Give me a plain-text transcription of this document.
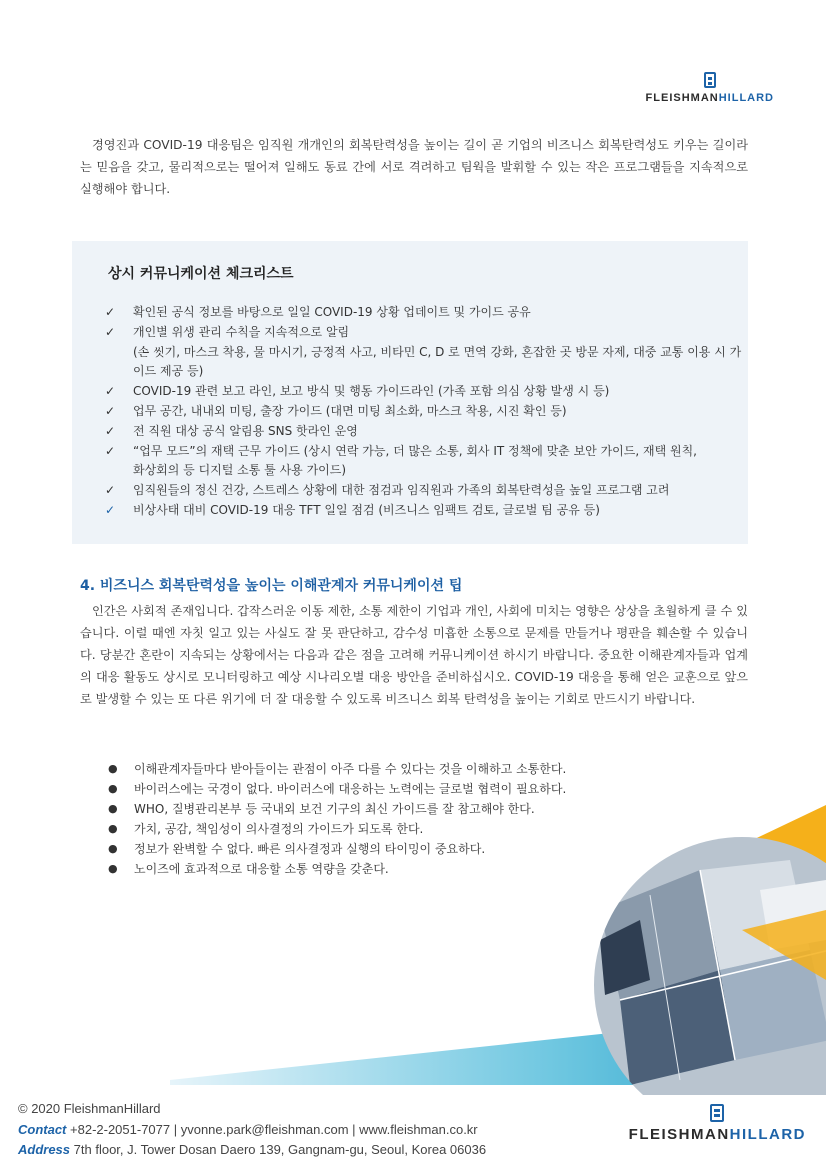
FLEISHMANHILLARD

경영진과 COVID-19 대응팀은 임직원 개개인의 회복탄력성을 높이는 길이 곧 기업의 비즈니스 회복탄력성도 키우는 길이라는 믿음을 갖고, 물리적으로는 떨어져 일해도 동료 간에 서로 격려하고 팀웍을 발휘할 수 있는 작은 프로그램들을 지속적으로 실행해야 합니다.

상시 커뮤니케이션 체크리스트
✓	확인된 공식 정보를 바탕으로 일일 COVID-19 상황 업데이트 및 가이드 공유
✓	개인별 위생 관리 수칙을 지속적으로 알림
(손 씻기, 마스크 착용, 물 마시기, 긍정적 사고, 비타민 C, D 로 면역 강화, 혼잡한 곳 방문 자제, 대중 교통 이용 시 가이드 제공 등)
✓	COVID-19 관련 보고 라인, 보고 방식 및 행동 가이드라인 (가족 포함 의심 상황 발생 시 등)
✓	업무 공간, 내내외 미팅, 출장 가이드 (대면 미팅 최소화, 마스크 착용, 시진 확인 등)
✓	전 직원 대상 공식 알림용 SNS 핫라인 운영
✓	“업무 모드”의 재택 근무 가이드 (상시 연락 가능, 더 많은 소통, 회사 IT 정책에 맞춘 보안 가이드, 재택 원칙,
화상회의 등 디지털 소통 툴 사용 가이드)
✓	임직원들의 정신 건강, 스트레스 상황에 대한 점검과 임직원과 가족의 회복탄력성을 높일 프로그램 고려
✓	비상사태 대비 COVID-19 대응 TFT 일일 점검 (비즈니스 임팩트 검토, 글로벌 팀 공유 등)
4. 비즈니스 회복탄력성을 높이는 이해관계자 커뮤니케이션 팁

인간은 사회적 존재입니다. 갑작스러운 이동 제한, 소통 제한이 기업과 개인, 사회에 미치는 영향은 상상을 초월하게 클 수 있습니다. 이럴 때엔 자칫 일고 있는 사실도 잘 못 판단하고, 감수성 미흡한 소통으로 문제를 만들거나 평판을 훼손할 수 있습니다. 당분간 혼란이 지속되는 상황에서는 다음과 같은 점을 고려해 커뮤니케이션 하시기 바랍니다. 중요한 이해관계자들과 업계의 대응 활동도 상시로 모니터링하고 예상 시나리오별 대응 방안을 준비하십시오. COVID-19 대응을 통해 얻은 교훈으로 앞으로 발생할 수 있는 또 다른 위기에 더 잘 대응할 수 있도록 비즈니스 회복 탄력성을 높이는 기회로 만드시기 바랍니다.

●	이해관계자들마다 받아들이는 관점이 아주 다를 수 있다는 것을 이해하고 소통한다.
●	바이러스에는 국경이 없다. 바이러스에 대응하는 노력에는 글로벌 협력이 필요하다.
●	WHO, 질병관리본부 등 국내외 보건 기구의 최신 가이드를 잘 참고해야 한다.
●	가치, 공감, 책임성이 의사결정의 가이드가 되도록 한다.
●	정보가 완벽할 수 없다. 빠른 의사결정과 실행의 타이밍이 중요하다.
●	노이즈에 효과적으로 대응할 소통 역량을 갖춘다.
© 2020 FleishmanHillard
Contact +82-2-2051-7077 | yvonne.park@fleishman.com | www.fleishman.co.kr
Address 7th floor, J. Tower Dosan Daero 139, Gangnam-gu, Seoul, Korea 06036
FLEISHMANHILLARD
